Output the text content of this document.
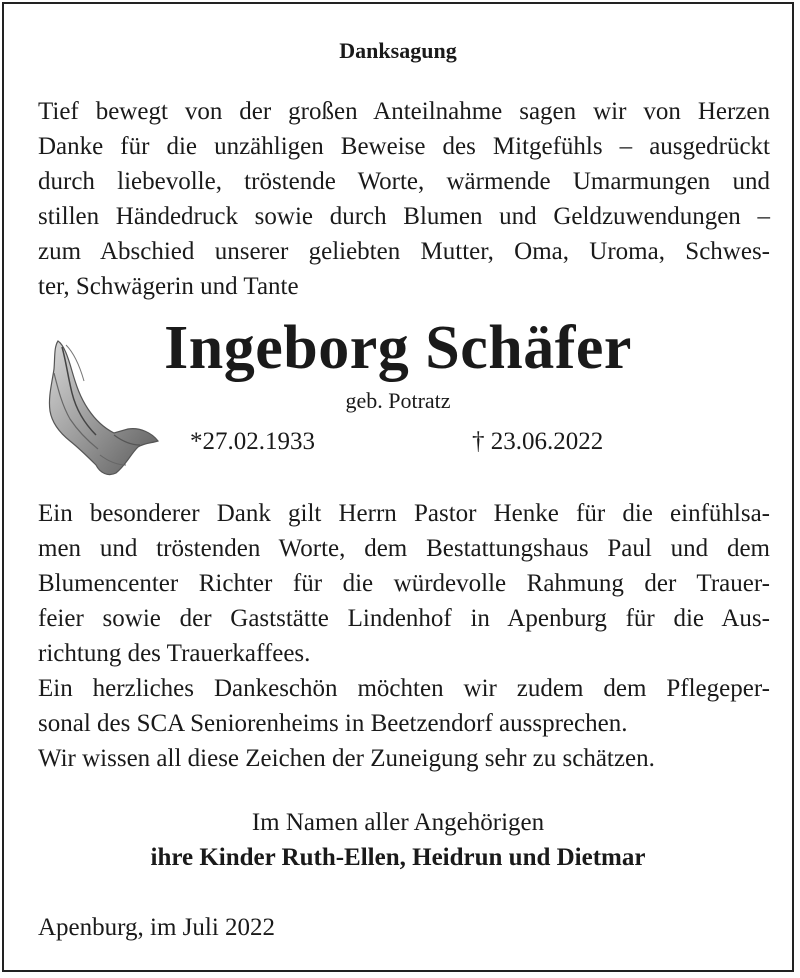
Danksagung

Tief bewegt von der großen Anteilnahme sagen wir von Herzen
Danke für die unzähligen Beweise des Mitgefühls – ausgedrückt
durch liebevolle, tröstende Worte, wärmende Umarmungen und
stillen Händedruck sowie durch Blumen und Geldzuwendungen –
zum Abschied unserer geliebten Mutter, Oma, Uroma, Schwes-
ter, Schwägerin und Tante

Ingeborg Schäfer
geb. Potratz
*27.02.1933	† 23.06.2022

Ein besonderer Dank gilt Herrn Pastor Henke für die einfühlsa-
men und tröstenden Worte, dem Bestattungshaus Paul und dem
Blumencenter Richter für die würdevolle Rahmung der Trauer-
feier sowie der Gaststätte Lindenhof in Apenburg für die Aus-
richtung des Trauerkaffees.
Ein herzliches Dankeschön möchten wir zudem dem Pflegeper-
sonal des SCA Seniorenheims in Beetzendorf aussprechen.
Wir wissen all diese Zeichen der Zuneigung sehr zu schätzen.

Im Namen aller Angehörigen
ihre Kinder Ruth-Ellen, Heidrun und Dietmar
Apenburg, im Juli 2022
